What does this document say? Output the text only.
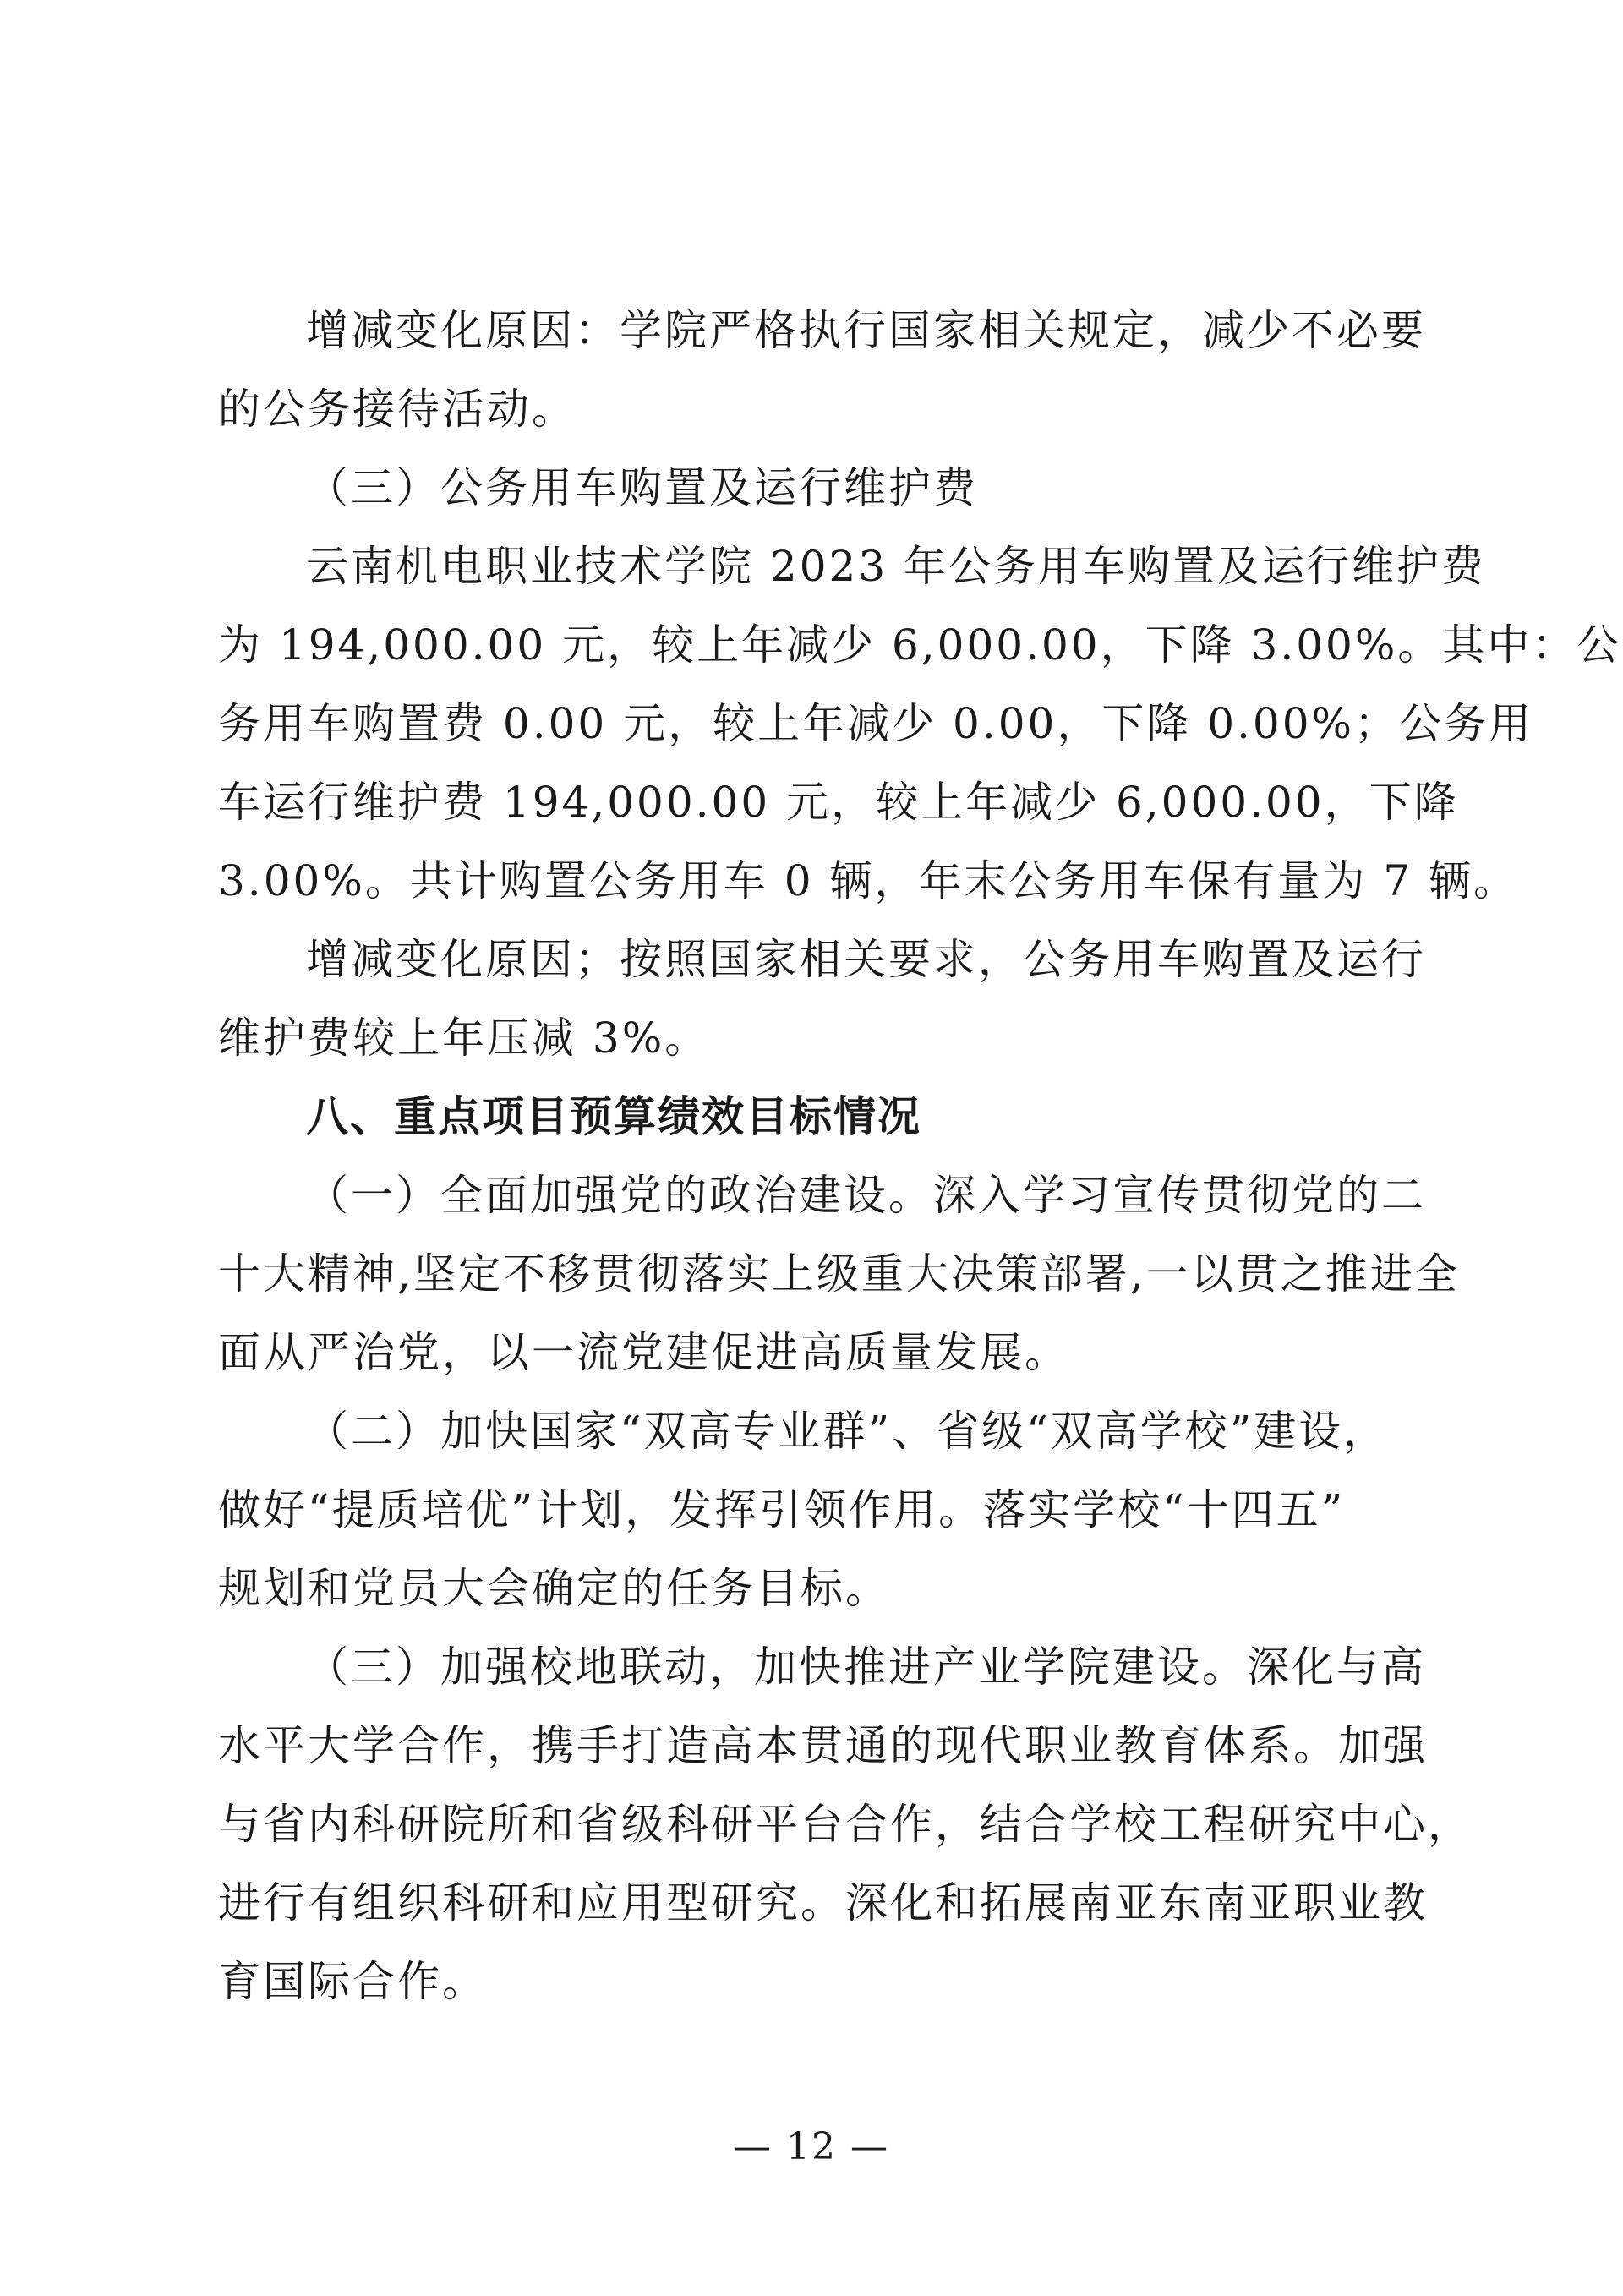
增减变化原因：学院严格执行国家相关规定，减少不必要
的公务接待活动。
（三）公务用车购置及运行维护费
云南机电职业技术学院 2023 年公务用车购置及运行维护费
为 194,000.00 元，较上年减少 6,000.00，下降 3.00%。其中：公
务用车购置费 0.00 元，较上年减少 0.00，下降 0.00%；公务用
车运行维护费 194,000.00 元，较上年减少 6,000.00，下降
3.00%。共计购置公务用车 0 辆，年末公务用车保有量为 7 辆。
增减变化原因；按照国家相关要求，公务用车购置及运行
维护费较上年压减 3%。
八、重点项目预算绩效目标情况
（一）全面加强党的政治建设。深入学习宣传贯彻党的二
十大精神,坚定不移贯彻落实上级重大决策部署,一以贯之推进全
面从严治党，以一流党建促进高质量发展。
（二）加快国家“双高专业群”、省级“双高学校”建设，
做好“提质培优”计划，发挥引领作用。落实学校“十四五”
规划和党员大会确定的任务目标。
（三）加强校地联动，加快推进产业学院建设。深化与高
水平大学合作，携手打造高本贯通的现代职业教育体系。加强
与省内科研院所和省级科研平台合作，结合学校工程研究中心，
进行有组织科研和应用型研究。深化和拓展南亚东南亚职业教
育国际合作。
— 12 —
